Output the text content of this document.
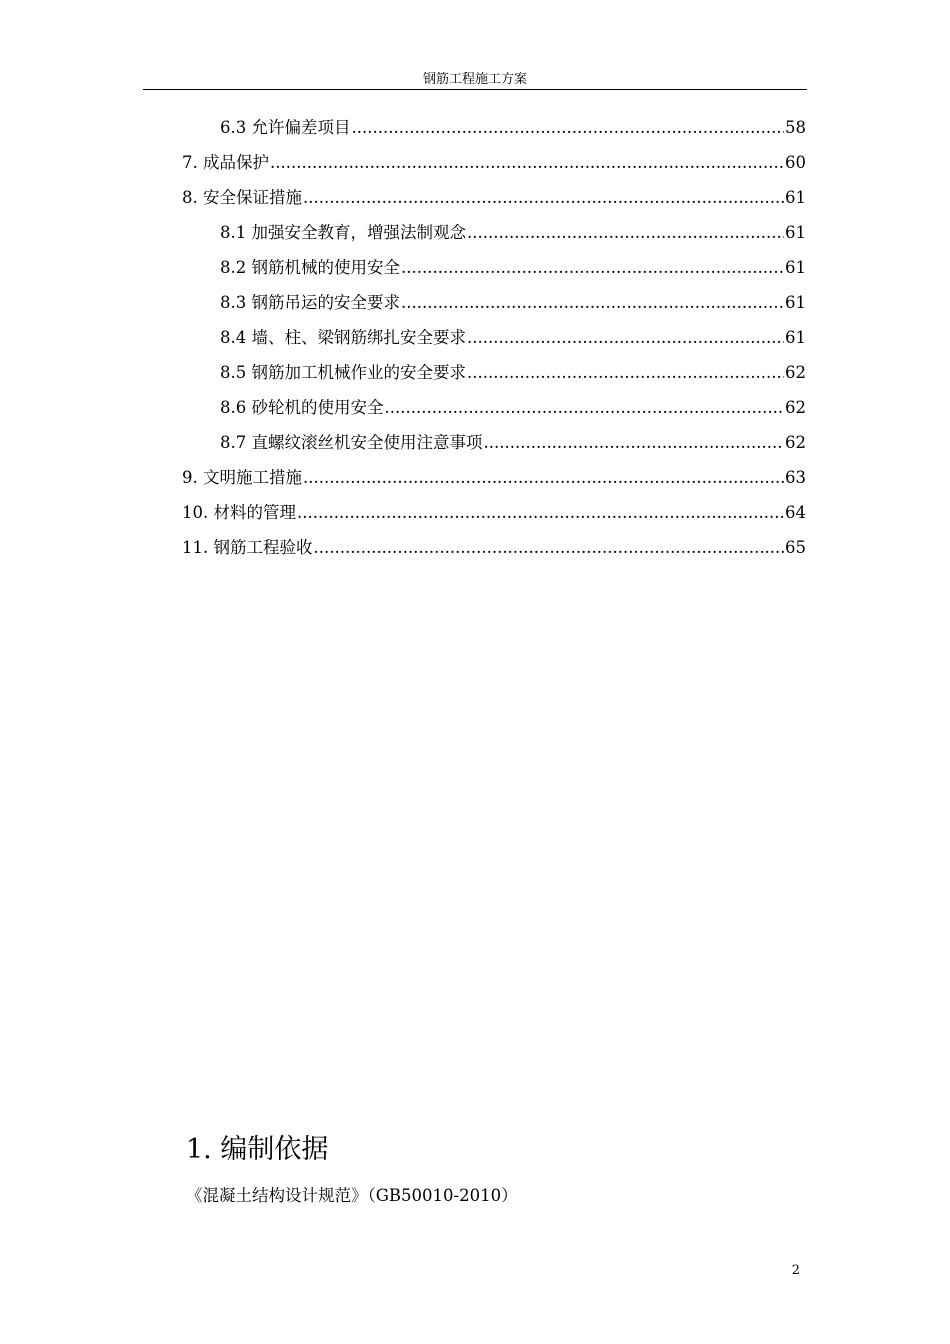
钢筋工程施工方案
6.3 允许偏差项目 .....	58
7. 成品保护 .....	60
8. 安全保证措施 .....	61
8.1 加强安全教育，增强法制观念 .....	61
8.2 钢筋机械的使用安全 .....	61
8.3 钢筋吊运的安全要求 .....	61
8.4 墙、柱、梁钢筋绑扎安全要求 .....	61
8.5 钢筋加工机械作业的安全要求 .....	62
8.6 砂轮机的使用安全 .....	62
8.7 直螺纹滚丝机安全使用注意事项 .....	62
9. 文明施工措施 .....	63
10. 材料的管理 .....	64
11. 钢筋工程验收 .....	65
1. 编制依据
《混凝土结构设计规范》（GB50010-2010）
2
